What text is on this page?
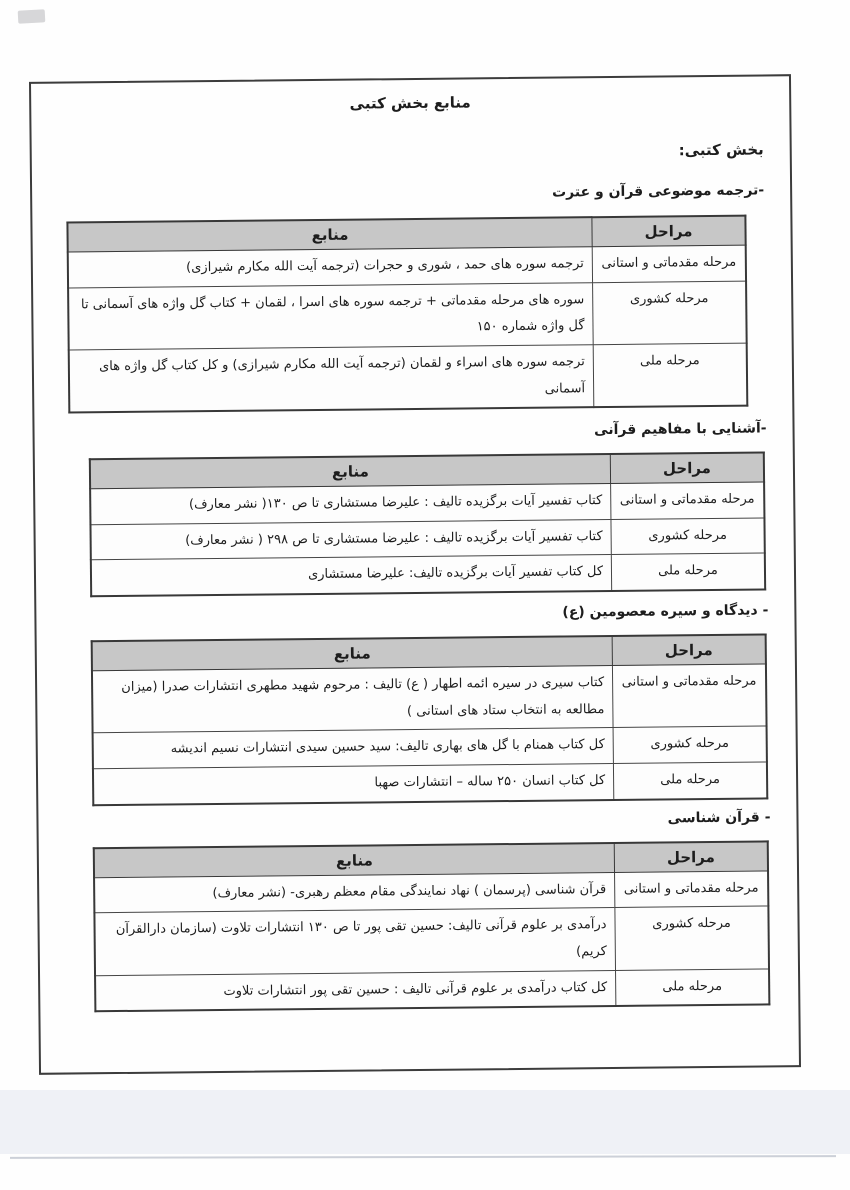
منابع بخش کتبی
بخش کتبی:
-ترجمه موضوعی قرآن و عترت
مراحل	منابع
مرحله مقدماتی و استانی	ترجمه سوره های حمد ، شوری و حجرات (ترجمه آیت الله مکارم شیرازی)
مرحله کشوری	سوره های مرحله مقدماتی + ترجمه سوره های اسرا ، لقمان + کتاب گل واژه های آسمانی تا گل واژه شماره ۱۵۰
مرحله ملی	ترجمه سوره های اسراء و لقمان (ترجمه آیت الله مکارم شیرازی) و کل کتاب گل واژه های آسمانی
-آشنایی با مفاهیم قرآنی
مراحل	منابع
مرحله مقدماتی و استانی	کتاب تفسیر آیات برگزیده تالیف : علیرضا مستشاری تا ص ۱۳۰( نشر معارف)
مرحله کشوری	کتاب تفسیر آیات برگزیده تالیف : علیرضا مستشاری تا ص ۲۹۸ ( نشر معارف)
مرحله ملی	کل کتاب تفسیر آیات برگزیده تالیف: علیرضا مستشاری
- دیدگاه و سیره معصومین (ع)
مراحل	منابع
مرحله مقدماتی و استانی	کتاب سیری در سیره ائمه اطهار ( ع) تالیف : مرحوم شهید مطهری انتشارات صدرا (میزان مطالعه به انتخاب ستاد های استانی )
مرحله کشوری	کل کتاب همنام با گل های بهاری تالیف: سید حسین سیدی انتشارات نسیم اندیشه
مرحله ملی	کل کتاب انسان ۲۵۰ ساله – انتشارات صهبا
- قرآن شناسی
مراحل	منابع
مرحله مقدماتی و استانی	قرآن شناسی (پرسمان ) نهاد نمایندگی مقام معظم رهبری- (نشر معارف)
مرحله کشوری	درآمدی بر علوم قرآنی تالیف: حسین تقی پور تا ص ۱۳۰ انتشارات تلاوت (سازمان دارالقرآن کریم)
مرحله ملی	کل کتاب درآمدی بر علوم قرآنی تالیف : حسین تقی پور انتشارات تلاوت
